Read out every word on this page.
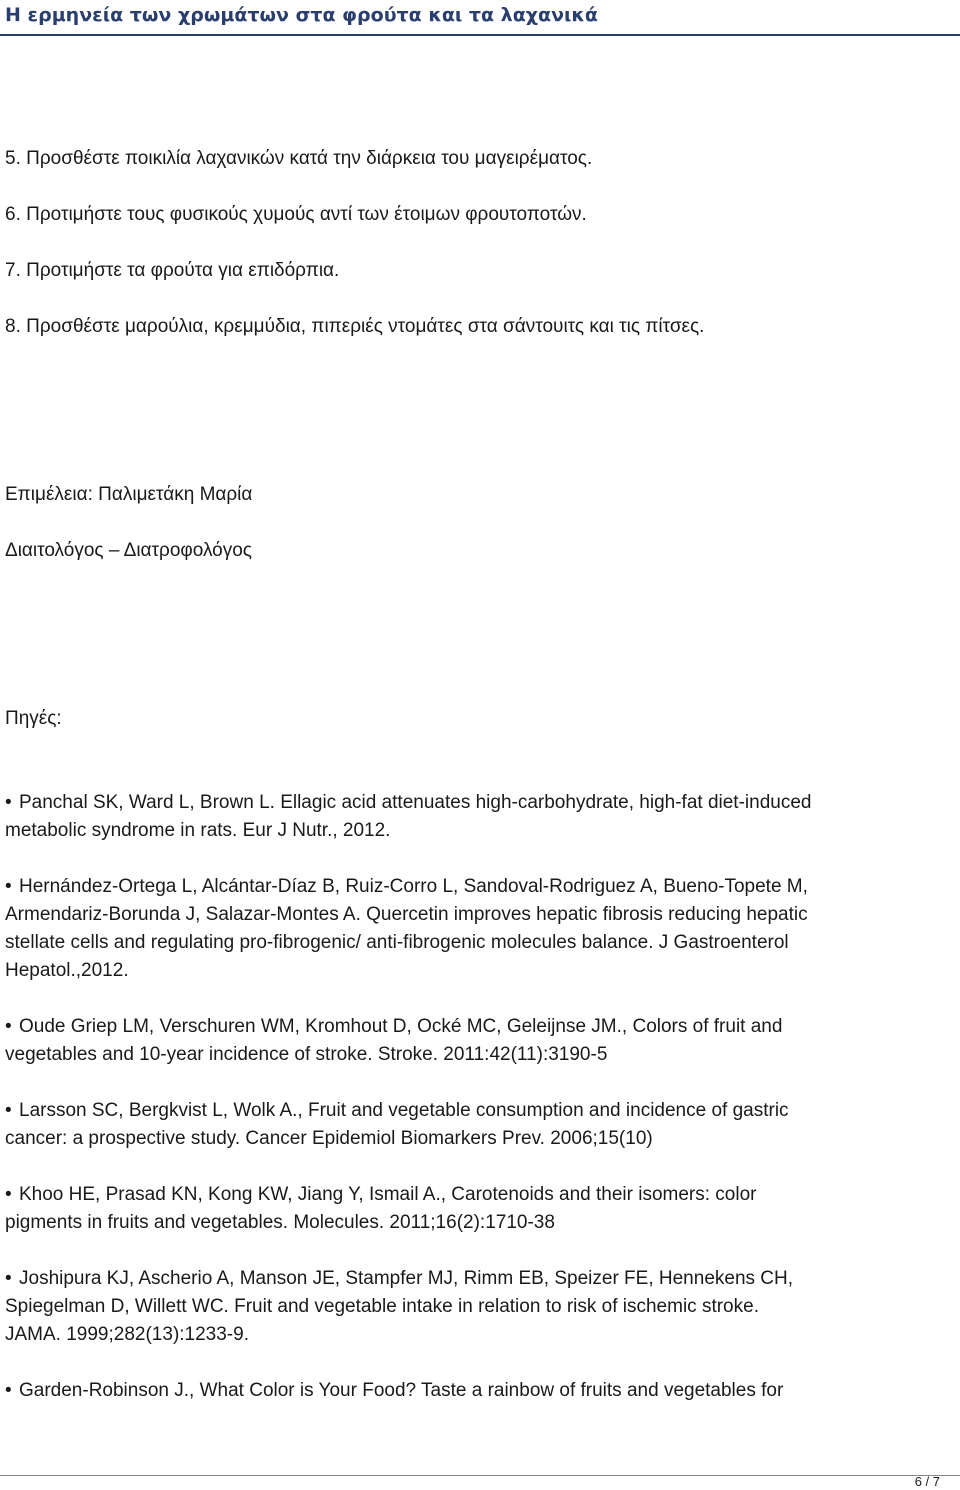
Η ερμηνεία των χρωμάτων στα φρούτα και τα λαχανικά
5. Προσθέστε ποικιλία λαχανικών κατά την διάρκεια του μαγειρέματος.
6. Προτιμήστε τους φυσικούς χυμούς αντί των έτοιμων φρουτοποτών.
7. Προτιμήστε τα φρούτα για επιδόρπια.
8. Προσθέστε μαρούλια, κρεμμύδια, πιπεριές ντομάτες στα σάντουιτς και τις πίτσες.
Επιμέλεια: Παλιμετάκη Μαρία
Διαιτολόγος – Διατροφολόγος
Πηγές:
• Panchal SK, Ward L, Brown L. Ellagic acid attenuates high-carbohydrate, high-fat diet-induced
metabolic syndrome in rats. Eur J Nutr., 2012.
• Hernández-Ortega L, Alcántar-Díaz B, Ruiz-Corro L, Sandoval-Rodriguez A, Bueno-Topete M,
Armendariz-Borunda J, Salazar-Montes A. Quercetin improves hepatic fibrosis reducing hepatic
stellate cells and regulating pro-fibrogenic/ anti-fibrogenic molecules balance. J Gastroenterol
Hepatol.,2012.
• Oude Griep LM, Verschuren WM, Kromhout D, Ocké MC, Geleijnse JM., Colors of fruit and
vegetables and 10-year incidence of stroke. Stroke. 2011:42(11):3190-5
• Larsson SC, Bergkvist L, Wolk A., Fruit and vegetable consumption and incidence of gastric
cancer: a prospective study. Cancer Epidemiol Biomarkers Prev. 2006;15(10)
• Khoo HE, Prasad KN, Kong KW, Jiang Y, Ismail A., Carotenoids and their isomers: color
pigments in fruits and vegetables. Molecules. 2011;16(2):1710-38
• Joshipura KJ, Ascherio A, Manson JE, Stampfer MJ, Rimm EB, Speizer FE, Hennekens CH,
Spiegelman D, Willett WC. Fruit and vegetable intake in relation to risk of ischemic stroke.
JAMA. 1999;282(13):1233-9.
• Garden-Robinson J., What Color is Your Food? Taste a rainbow of fruits and vegetables for
6 / 7
